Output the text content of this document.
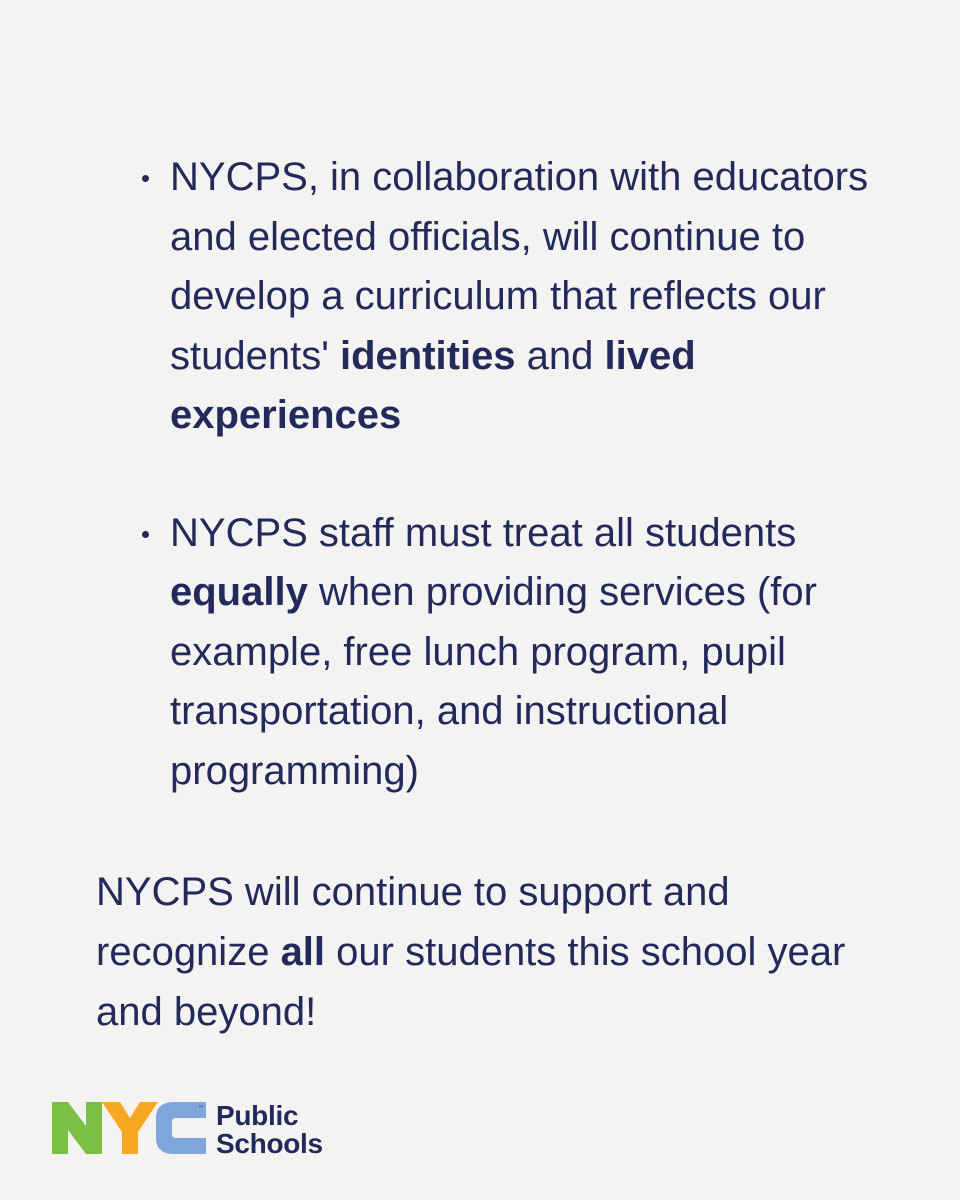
NYCPS, in collaboration with educators and elected officials, will continue to develop a curriculum that reflects our students' identities and lived experiences
NYCPS staff must treat all students equally when providing services (for example, free lunch program, pupil transportation, and instructional programming)

NYCPS will continue to support and recognize all our students this school year and beyond!

™ Public
Schools
